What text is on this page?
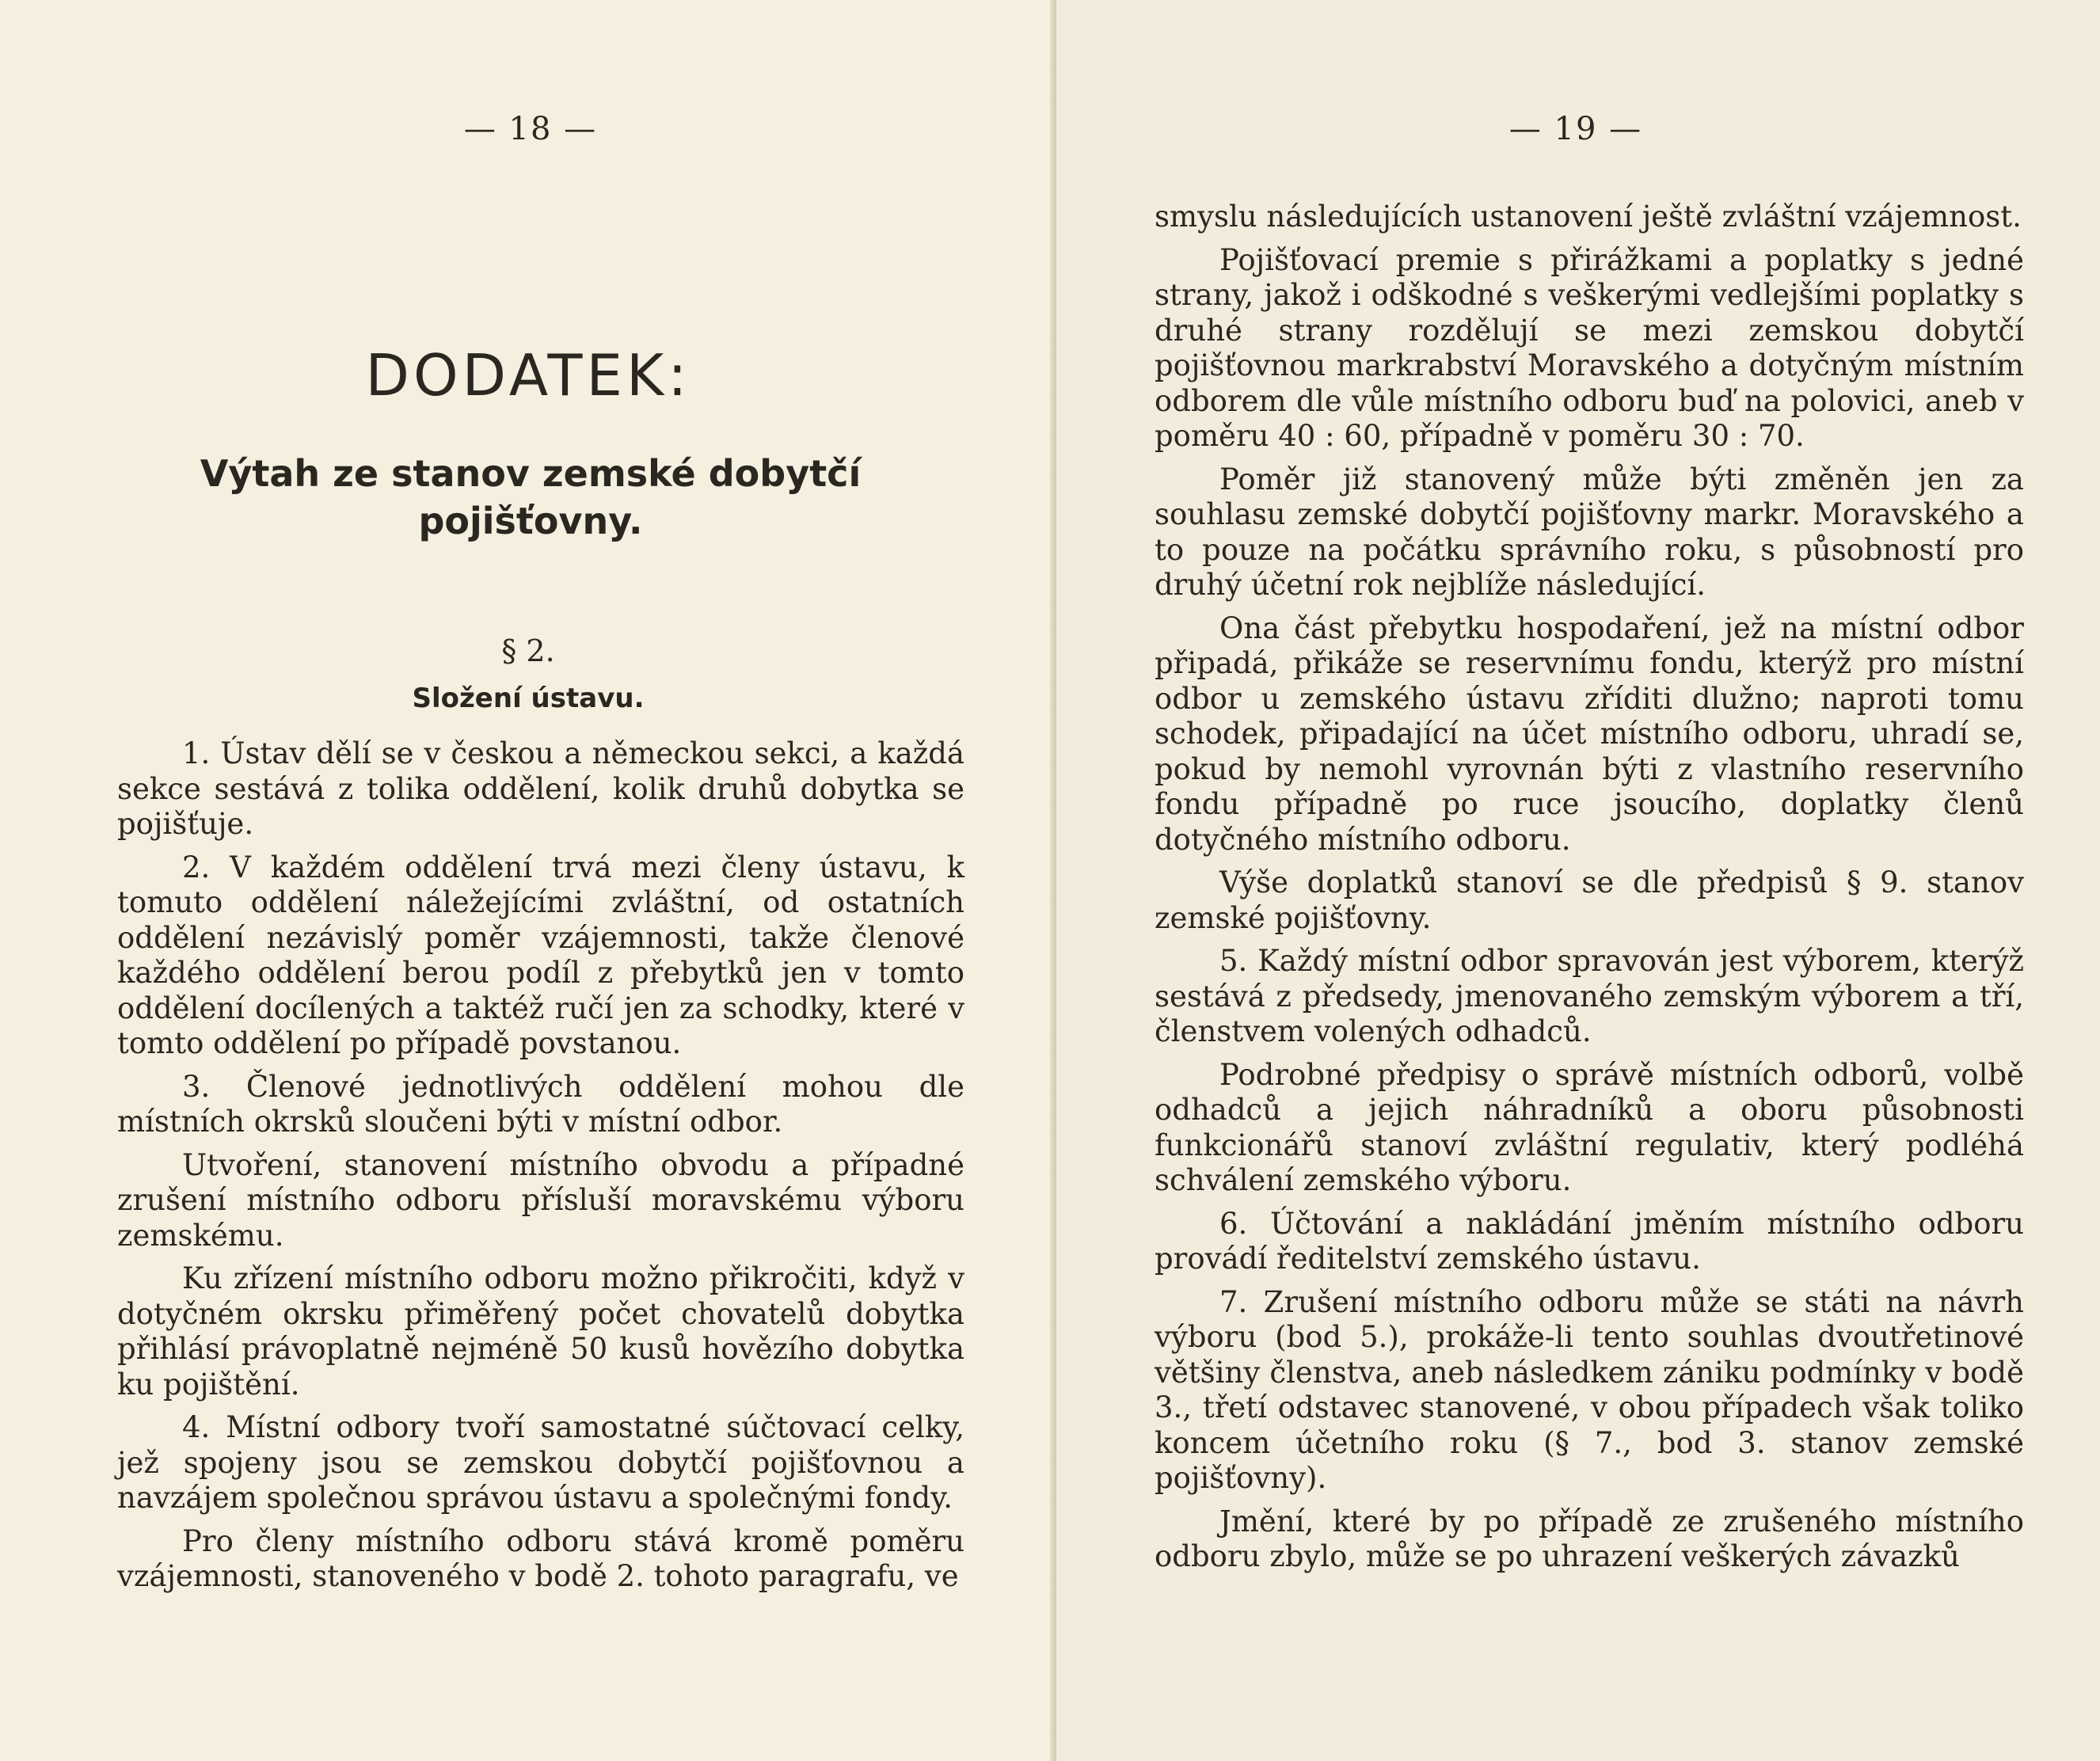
— 18 —
DODATEK:
Výtah ze stanov zemské dobytčí pojišťovny.
§ 2.
Složení ústavu.

1. Ústav dělí se v českou a německou sekci, a každá sekce sestává z tolika oddělení, kolik druhů dobytka se pojišťuje.

2. V každém oddělení trvá mezi členy ústavu, k tomuto oddělení náležejícími zvláštní, od ostatních oddělení nezávislý poměr vzájemnosti, takže členové každého oddělení berou podíl z přebytků jen v tomto oddělení docílených a taktéž ručí jen za schodky, které v tomto oddělení po případě povstanou.

3. Členové jednotlivých oddělení mohou dle místních okrsků sloučeni býti v místní odbor.

Utvoření, stanovení místního obvodu a případné zrušení místního odboru přísluší moravskému výboru zemskému.

Ku zřízení místního odboru možno přikročiti, když v dotyčném okrsku přiměřený počet chovatelů dobytka přihlásí právoplatně nejméně 50 kusů hovězího dobytka ku pojištění.

4. Místní odbory tvoří samostatné súčtovací celky, jež spojeny jsou se zemskou dobytčí pojišťovnou a navzájem společnou správou ústavu a společnými fondy.

Pro členy místního odboru stává kromě poměru vzájemnosti, stanoveného v bodě 2. tohoto paragrafu, ve

— 19 —

smyslu následujících ustanovení ještě zvláštní vzájemnost.

Pojišťovací premie s přirážkami a poplatky s jedné strany, jakož i odškodné s veškerými vedlejšími poplatky s druhé strany rozdělují se mezi zemskou dobytčí pojišťovnou markrabství Moravského a dotyčným místním odborem dle vůle místního odboru buď na polovici, aneb v poměru 40 : 60, případně v poměru 30 : 70.

Poměr již stanovený může býti změněn jen za souhlasu zemské dobytčí pojišťovny markr. Moravského a to pouze na počátku správního roku, s působností pro druhý účetní rok nejblíže následující.

Ona část přebytku hospodaření, jež na místní odbor připadá, přikáže se reservnímu fondu, kterýž pro místní odbor u zemského ústavu zříditi dlužno; naproti tomu schodek, připadající na účet místního odboru, uhradí se, pokud by nemohl vyrovnán býti z vlastního reservního fondu případně po ruce jsoucího, doplatky členů dotyčného místního odboru.

Výše doplatků stanoví se dle předpisů § 9. stanov zemské pojišťovny.

5. Každý místní odbor spravován jest výborem, kterýž sestává z předsedy, jmenovaného zemským výborem a tří, členstvem volených odhadců.

Podrobné předpisy o správě místních odborů, volbě odhadců a jejich náhradníků a oboru působnosti funkcionářů stanoví zvláštní regulativ, který podléhá schválení zemského výboru.

6. Účtování a nakládání jměním místního odboru provádí ředitelství zemského ústavu.

7. Zrušení místního odboru může se státi na návrh výboru (bod 5.), prokáže-li tento souhlas dvoutřetinové většiny členstva, aneb následkem zániku podmínky v bodě 3., třetí odstavec stanovené, v obou případech však toliko koncem účetního roku (§ 7., bod 3. stanov zemské pojišťovny).

Jmění, které by po případě ze zrušeného místního odboru zbylo, může se po uhrazení veškerých závazků
